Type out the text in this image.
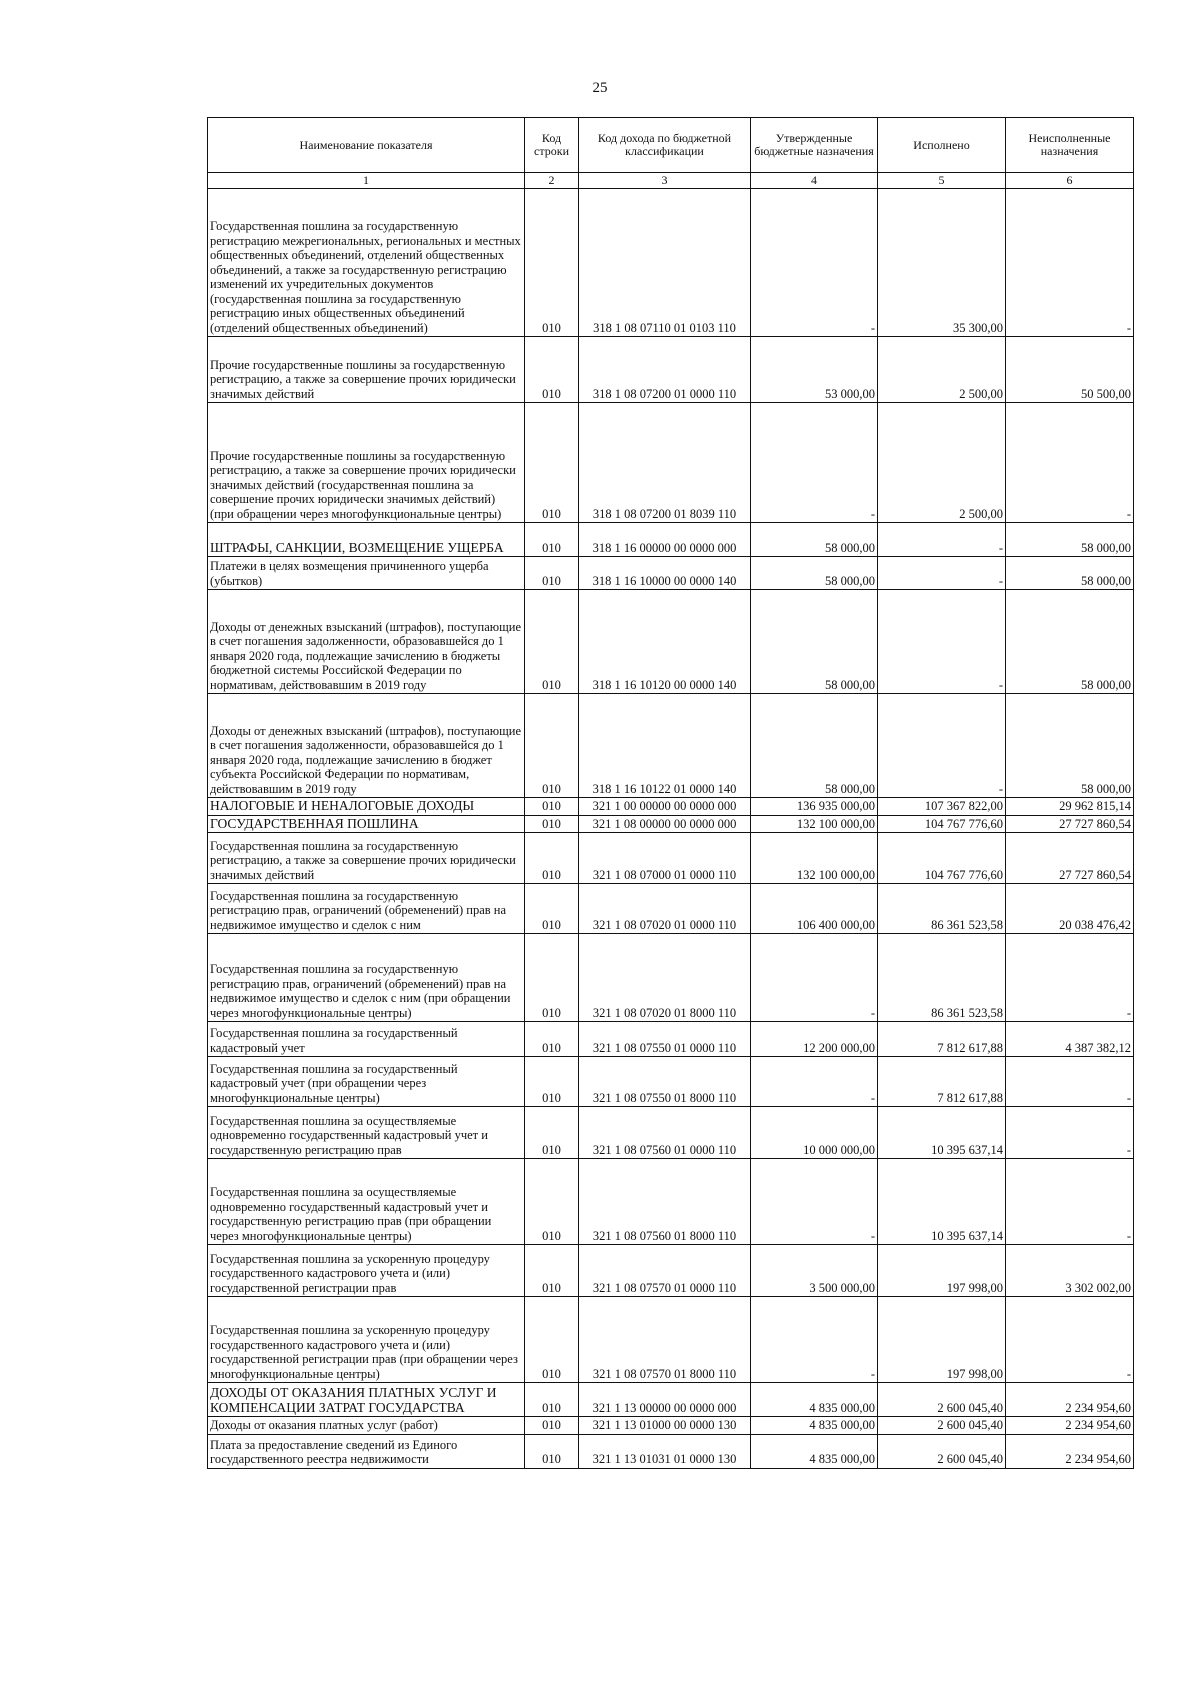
25
Наименование показателя	Код строки	Код дохода по бюджетной классификации	Утвержденные бюджетные назначения	Исполнено	Неисполненные назначения
1	2	3	4	5	6
Государственная пошлина за государственную регистрацию межрегиональных, региональных и местных общественных объединений, отделений общественных объединений, а также за государственную регистрацию изменений их учредительных документов (государственная пошлина за государственную регистрацию иных общественных объединений (отделений общественных объединений)	010	318 1 08 07110 01 0103 110	-	35 300,00	-
Прочие государственные пошлины за государственную регистрацию, а также за совершение прочих юридически значимых действий	010	318 1 08 07200 01 0000 110	53 000,00	2 500,00	50 500,00
Прочие государственные пошлины за государственную регистрацию, а также за совершение прочих юридически значимых действий (государственная пошлина за совершение прочих юридически значимых действий) (при обращении через многофункциональные центры)	010	318 1 08 07200 01 8039 110	-	2 500,00	-
ШТРАФЫ, САНКЦИИ, ВОЗМЕЩЕНИЕ УЩЕРБА	010	318 1 16 00000 00 0000 000	58 000,00	-	58 000,00
Платежи в целях возмещения причиненного ущерба (убытков)	010	318 1 16 10000 00 0000 140	58 000,00	-	58 000,00
Доходы от денежных взысканий (штрафов), поступающие в счет погашения задолженности, образовавшейся до 1 января 2020 года, подлежащие зачислению в бюджеты бюджетной системы Российской Федерации по нормативам, действовавшим в 2019 году	010	318 1 16 10120 00 0000 140	58 000,00	-	58 000,00
Доходы от денежных взысканий (штрафов), поступающие в счет погашения задолженности, образовавшейся до 1 января 2020 года, подлежащие зачислению в бюджет субъекта Российской Федерации по нормативам, действовавшим в 2019 году	010	318 1 16 10122 01 0000 140	58 000,00	-	58 000,00
НАЛОГОВЫЕ И НЕНАЛОГОВЫЕ ДОХОДЫ	010	321 1 00 00000 00 0000 000	136 935 000,00	107 367 822,00	29 962 815,14
ГОСУДАРСТВЕННАЯ ПОШЛИНА	010	321 1 08 00000 00 0000 000	132 100 000,00	104 767 776,60	27 727 860,54
Государственная пошлина за государственную регистрацию, а также за совершение прочих юридически значимых действий	010	321 1 08 07000 01 0000 110	132 100 000,00	104 767 776,60	27 727 860,54
Государственная пошлина за государственную регистрацию прав, ограничений (обременений) прав на недвижимое имущество и сделок с ним	010	321 1 08 07020 01 0000 110	106 400 000,00	86 361 523,58	20 038 476,42
Государственная пошлина за государственную регистрацию прав, ограничений (обременений) прав на недвижимое имущество и сделок с ним (при обращении через многофункциональные центры)	010	321 1 08 07020 01 8000 110	-	86 361 523,58	-
Государственная пошлина за государственный кадастровый учет	010	321 1 08 07550 01 0000 110	12 200 000,00	7 812 617,88	4 387 382,12
Государственная пошлина за государственный кадастровый учет (при обращении через многофункциональные центры)	010	321 1 08 07550 01 8000 110	-	7 812 617,88	-
Государственная пошлина за осуществляемые одновременно государственный кадастровый учет и государственную регистрацию прав	010	321 1 08 07560 01 0000 110	10 000 000,00	10 395 637,14	-
Государственная пошлина за осуществляемые одновременно государственный кадастровый учет и государственную регистрацию прав (при обращении через многофункциональные центры)	010	321 1 08 07560 01 8000 110	-	10 395 637,14	-
Государственная пошлина за ускоренную процедуру государственного кадастрового учета и (или) государственной регистрации прав	010	321 1 08 07570 01 0000 110	3 500 000,00	197 998,00	3 302 002,00
Государственная пошлина за ускоренную процедуру государственного кадастрового учета и (или) государственной регистрации прав (при обращении через многофункциональные центры)	010	321 1 08 07570 01 8000 110	-	197 998,00	-
ДОХОДЫ ОТ ОКАЗАНИЯ ПЛАТНЫХ УСЛУГ И КОМПЕНСАЦИИ ЗАТРАТ ГОСУДАРСТВА	010	321 1 13 00000 00 0000 000	4 835 000,00	2 600 045,40	2 234 954,60
Доходы от оказания платных услуг (работ)	010	321 1 13 01000 00 0000 130	4 835 000,00	2 600 045,40	2 234 954,60
Плата за предоставление сведений из Единого государственного реестра недвижимости	010	321 1 13 01031 01 0000 130	4 835 000,00	2 600 045,40	2 234 954,60
